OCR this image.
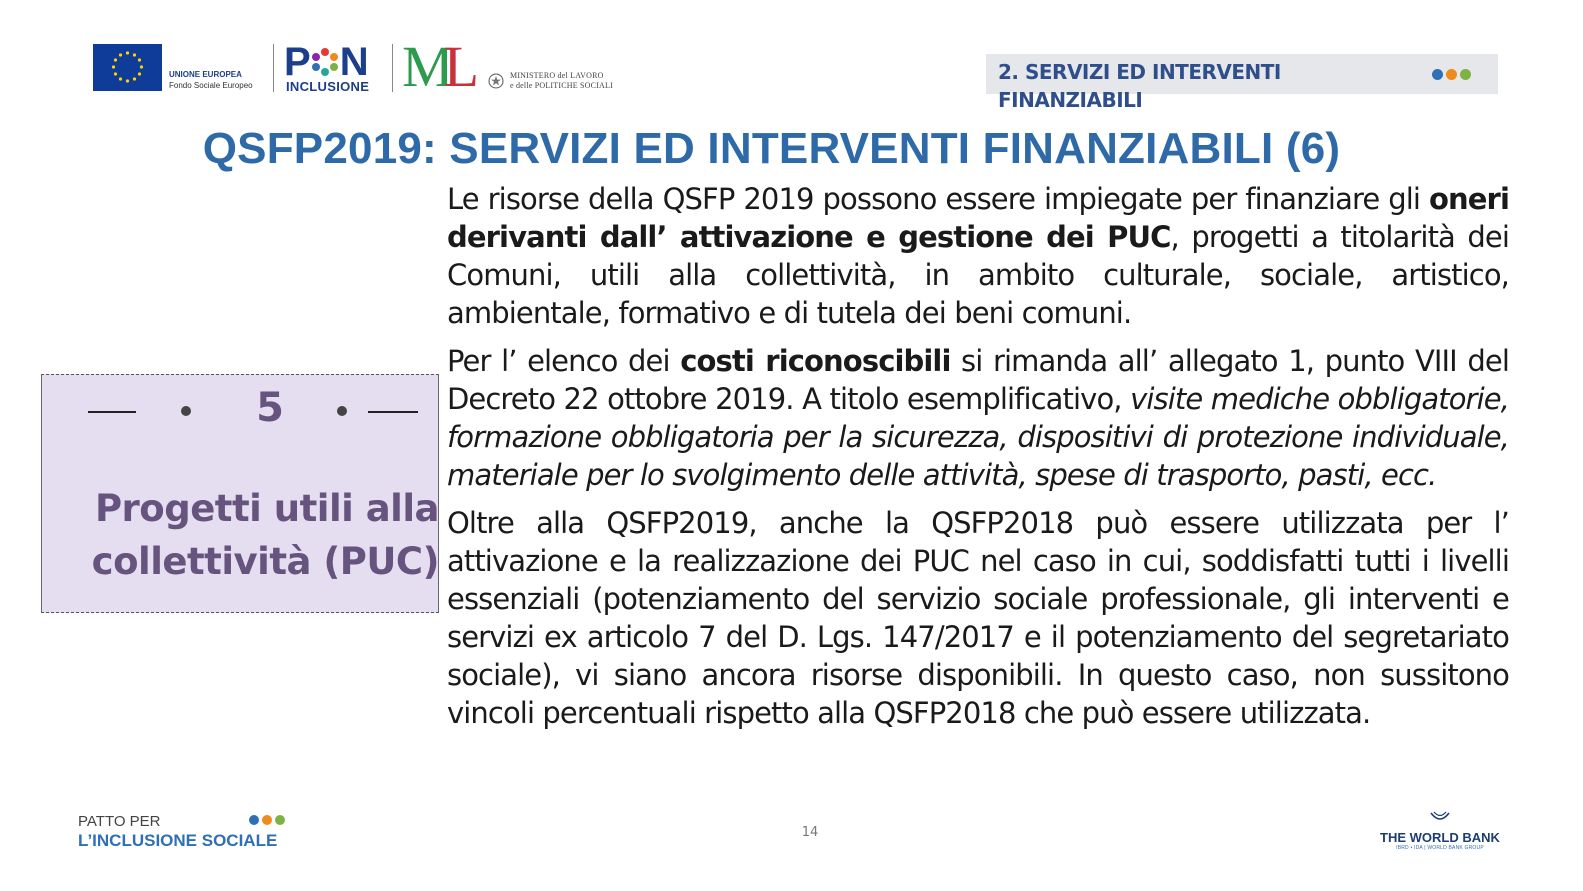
UNIONE EUROPEA
Fondo Sociale Europeo
P N
INCLUSIONE ML	MINISTERO del LAVORO
e delle POLITICHE SOCIALI
2. SERVIZI ED INTERVENTI FINANZIABILI
QSFP2019: SERVIZI ED INTERVENTI FINANZIABILI (6)
5
Progetti utili alla collettività (PUC)

Le risorse della QSFP 2019 possono essere impiegate per finanziare gli oneri derivanti dall’ attivazione e gestione dei PUC, progetti a titolarità dei Comuni, utili alla collettività, in ambito culturale, sociale, artistico, ambientale, formativo e di tutela dei beni comuni.

Per l’ elenco dei costi riconoscibili si rimanda all’ allegato 1, punto VIII del Decreto 22 ottobre 2019. A titolo esemplificativo, visite mediche obbligatorie, formazione obbligatoria per la sicurezza, dispositivi di protezione individuale, materiale per lo svolgimento delle attività, spese di trasporto, pasti, ecc.

Oltre alla QSFP2019, anche la QSFP2018 può essere utilizzata per l’ attivazione e la realizzazione dei PUC nel caso in cui, soddisfatti tutti i livelli essenziali (potenziamento del servizio sociale professionale, gli interventi e servizi ex articolo 7 del D. Lgs. 147/2017 e il potenziamento del segretariato sociale), vi siano ancora risorse disponibili. In questo caso, non sussitono vincoli percentuali rispetto alla QSFP2018 che può essere utilizzata.

PATTO PER
L’INCLUSIONE SOCIALE	14	THE WORLD BANK
IBRD • IDA | WORLD BANK GROUP
